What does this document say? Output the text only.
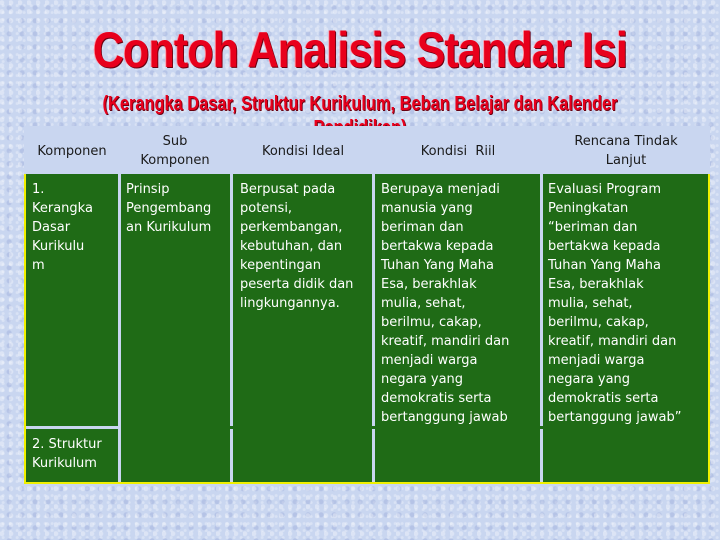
Contoh Analisis Standar Isi
(Kerangka Dasar, Struktur Kurikulum, Beban Belajar dan Kalender
Komponen
Sub
Komponen
Kondisi Ideal	Kondisi  Riil
Rencana Tindak
Lanjut
1.
Kerangka
Dasar
Kurikulu
m
Prinsip
Pengembang
an Kurikulum
Berpusat pada
potensi,
perkembangan,
kebutuhan, dan
kepentingan
peserta didik dan
lingkungannya.
Berupaya menjadi
manusia yang
beriman dan
bertakwa kepada
Tuhan Yang Maha
Esa, berakhlak
mulia, sehat,
berilmu, cakap,
kreatif, mandiri dan
menjadi warga
negara yang
demokratis serta
bertanggung jawab
Evaluasi Program
Peningkatan
“beriman dan
bertakwa kepada
Tuhan Yang Maha
Esa, berakhlak
mulia, sehat,
berilmu, cakap,
kreatif, mandiri dan
menjadi warga
negara yang
demokratis serta
bertanggung jawab”
2. Struktur
Kurikulum
